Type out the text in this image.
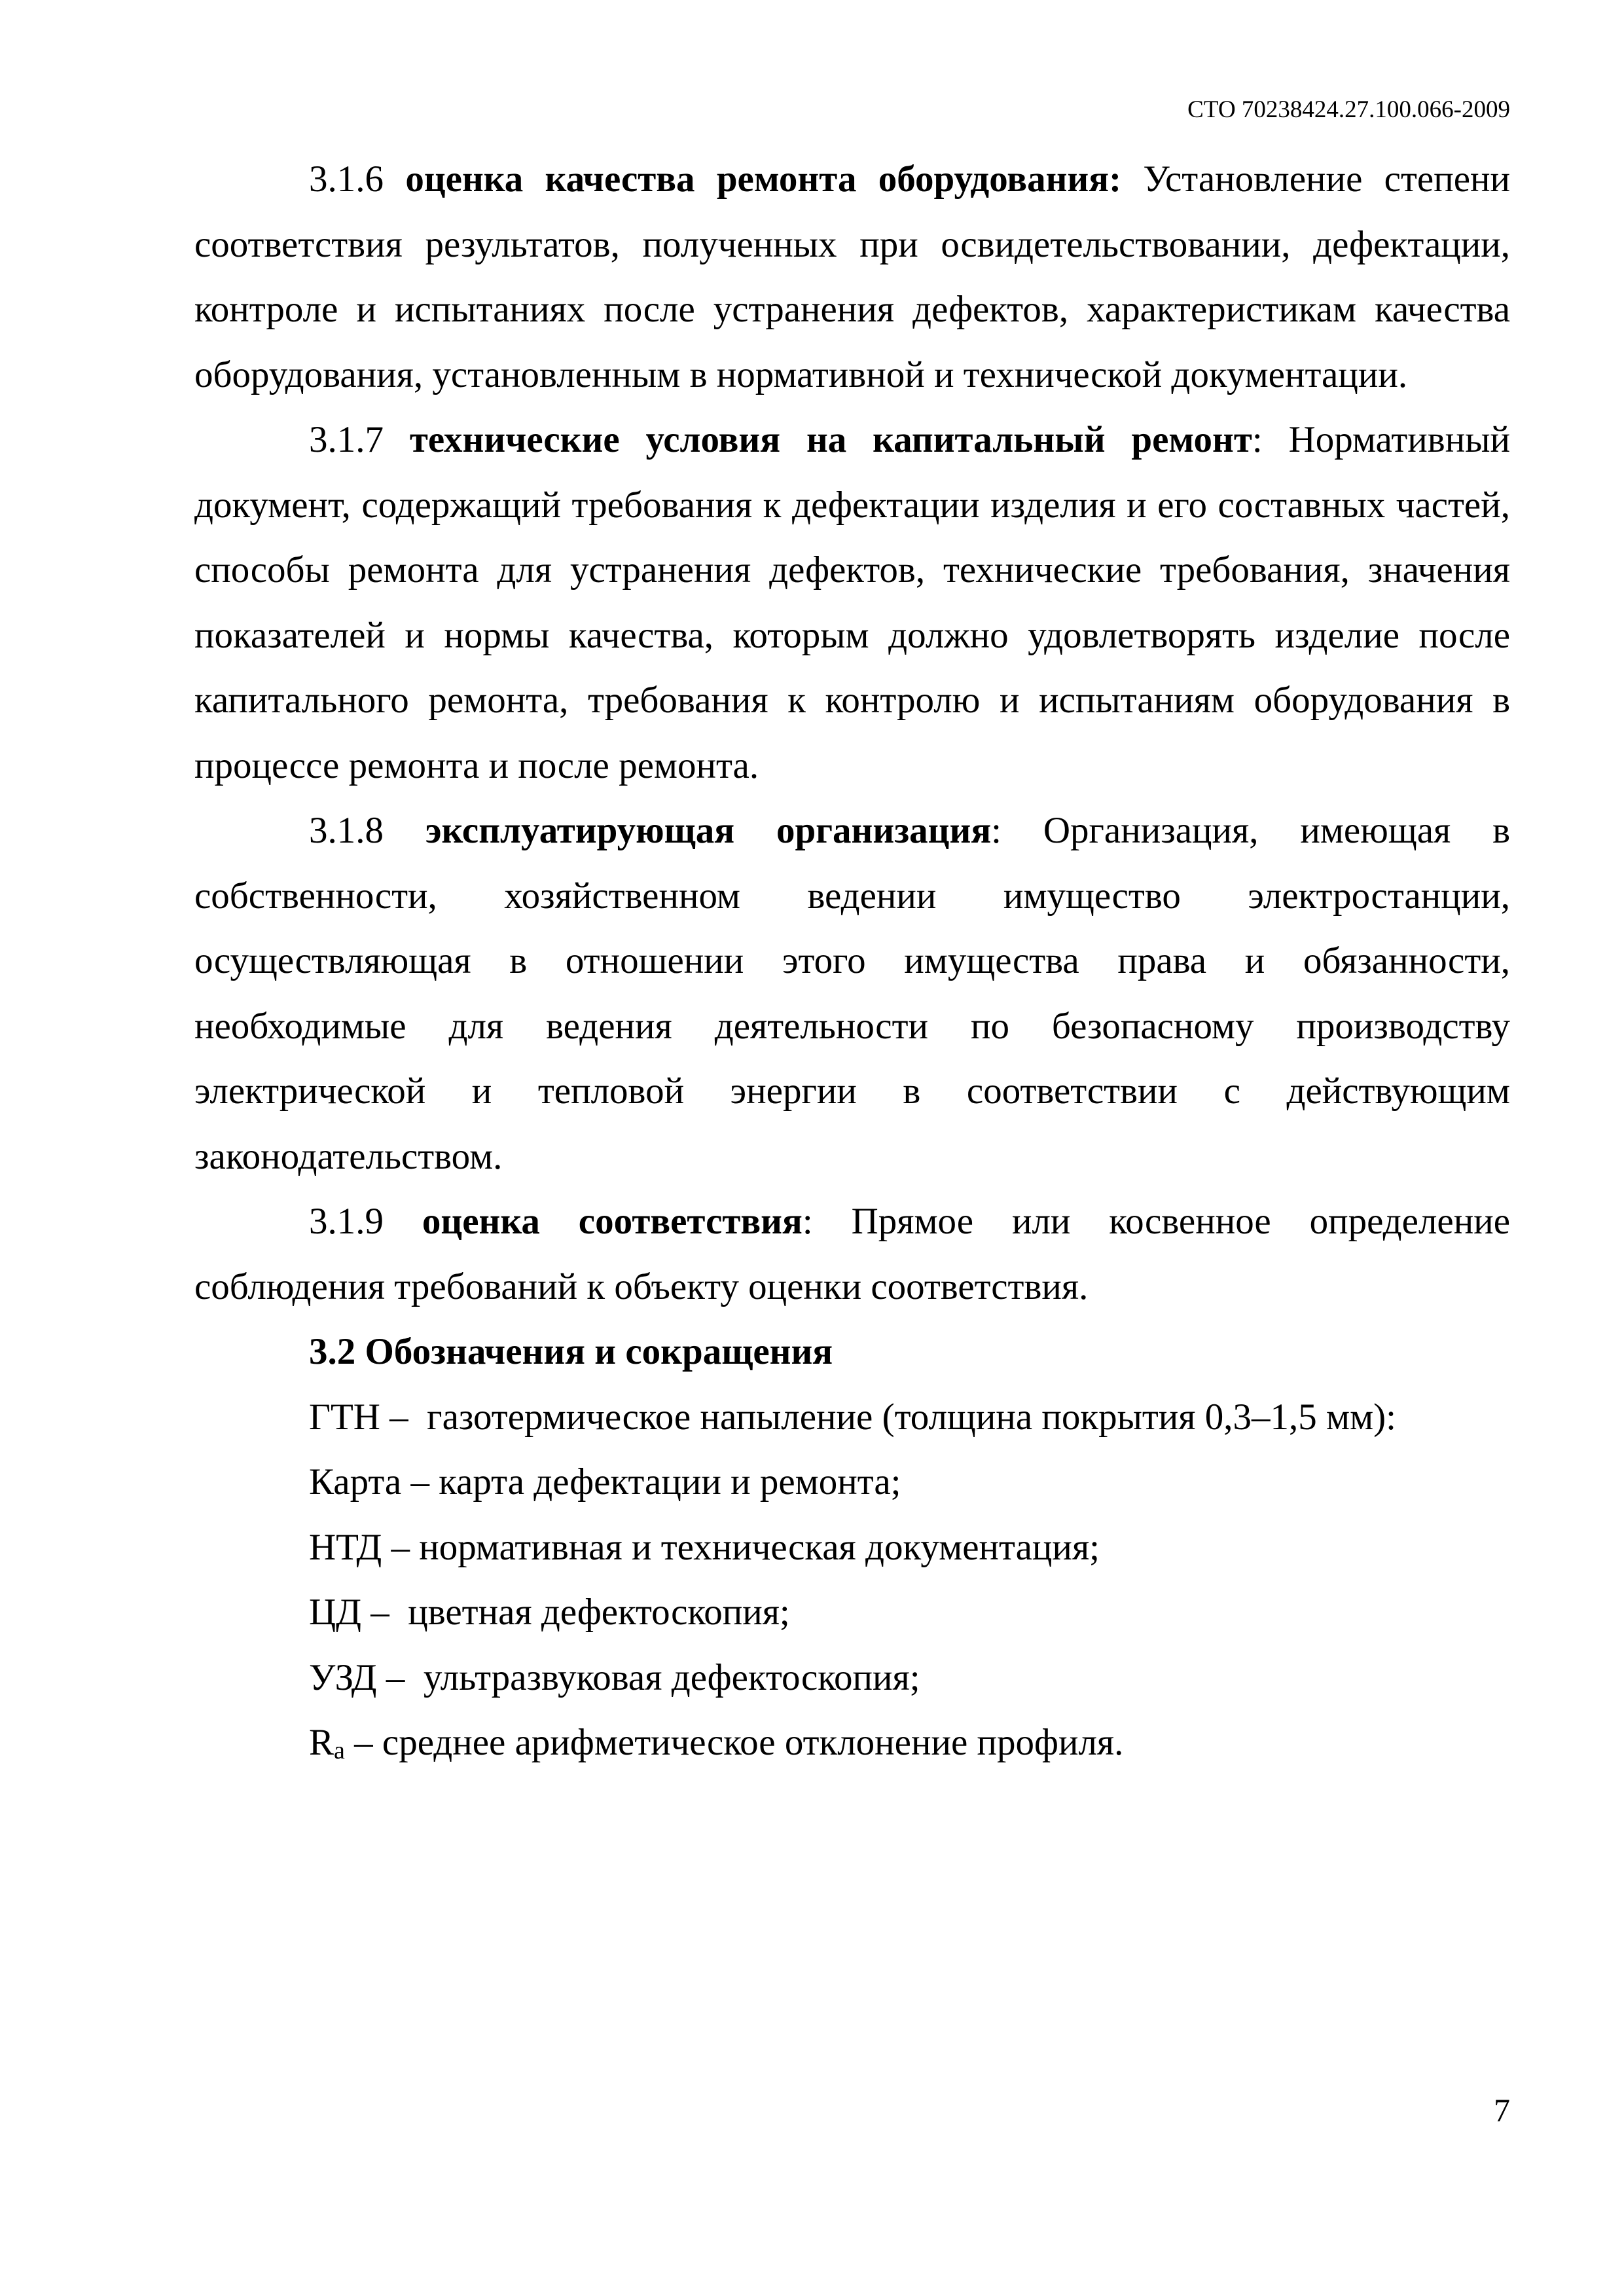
СТО 70238424.27.100.066-2009

3.1.6 оценка качества ремонта оборудования: Установление степени соответствия результатов, полученных при освидетельствовании, дефектации, контроле и испытаниях после устранения дефектов, характеристикам качества оборудования, установленным в нормативной и технической документации.

3.1.7 технические условия на капитальный ремонт: Нормативный документ, содержащий требования к дефектации изделия и его составных частей, способы ремонта для устранения дефектов, технические требования, значения показателей и нормы качества, которым должно удовлетворять изделие после капитального ремонта, требования к контролю и испытаниям оборудования в процессе ремонта и после ремонта.

3.1.8 эксплуатирующая организация: Организация, имеющая в собственности, хозяйственном ведении имущество электростанции, осуществляющая в отношении этого имущества права и обязанности, необходимые для ведения деятельности по безопасному производству электрической и тепловой энергии в соответствии с действующим законодательством.

3.1.9 оценка соответствия: Прямое или косвенное определение соблюдения требований к объекту оценки соответствия.

3.2 Обозначения и сокращения

ГТН –  газотермическое напыление (толщина покрытия 0,3–1,5 мм):

Карта – карта дефектации и ремонта;

НТД – нормативная и техническая документация;

ЦД –  цветная дефектоскопия;

УЗД –  ультразвуковая дефектоскопия;

$R_a$ – среднее арифметическое отклонение профиля.

7
